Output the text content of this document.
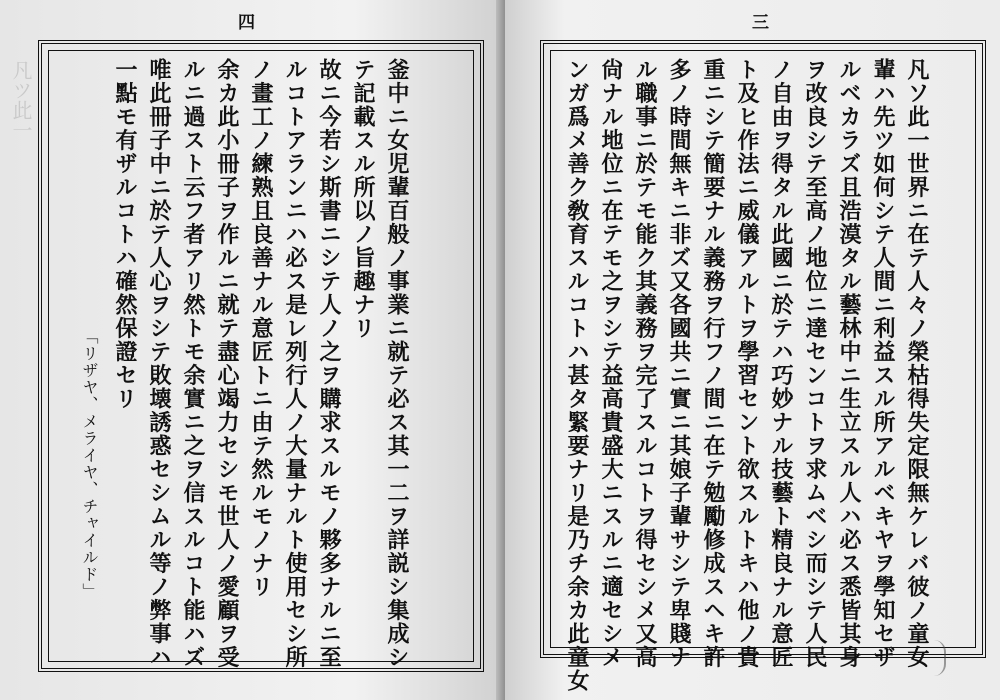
四
釜中ニ女児輩百般ノ事業ニ就テ必ス其一二ヲ詳説シ集成シ
テ記載スル所以ノ旨趣ナリ
故ニ今若シ斯書ニシテ人ノ之ヲ購求スルモノ夥多ナルニ至
ルコトアランニハ必ス是レ列行人ノ大量ナルト使用セシ所
ノ畫工ノ練熟且良善ナル意匠トニ由テ然ルモノナリ
余カ此小冊子ヲ作ルニ就テ盡心竭力セシモ世人ノ愛顧ヲ受
ルニ過スト云フ者アリ然トモ余實ニ之ヲ信スルコト能ハズ
唯此冊子中ニ於テ人心ヲシテ敗壊誘惑セシムル等ノ弊事ハ
一點モ有ザルコトハ確然保證セリ
「リザヤ、メライヤ、チャイルド」
凡ツ此一
三
凡ソ此一世界ニ在テ人々ノ榮枯得失定限無ケレバ彼ノ童女
輩ハ先ツ如何シテ人間ニ利益スル所アルベキヤヲ學知セザ
ルベカラズ且浩漠タル藝林中ニ生立スル人ハ必ス悉皆其身
ヲ改良シテ至高ノ地位ニ達センコトヲ求ムベシ而シテ人民
ノ自由ヲ得タル此國ニ於テハ巧妙ナル技藝ト精良ナル意匠
ト及ヒ作法ニ威儀アルトヲ學習セント欲スルトキハ他ノ貴
重ニシテ簡要ナル義務ヲ行フノ間ニ在テ勉勵修成スヘキ許
多ノ時間無キニ非ズ又各國共ニ實ニ其娘子輩サシテ卑賤ナ
ル職事ニ於テモ能ク其義務ヲ完了スルコトヲ得セシメ又高
尙ナル地位ニ在テモ之ヲシテ益高貴盛大ニスルニ適セシメ
ンガ爲メ善ク敎育スルコトハ甚タ緊要ナリ是乃チ余カ此童女
